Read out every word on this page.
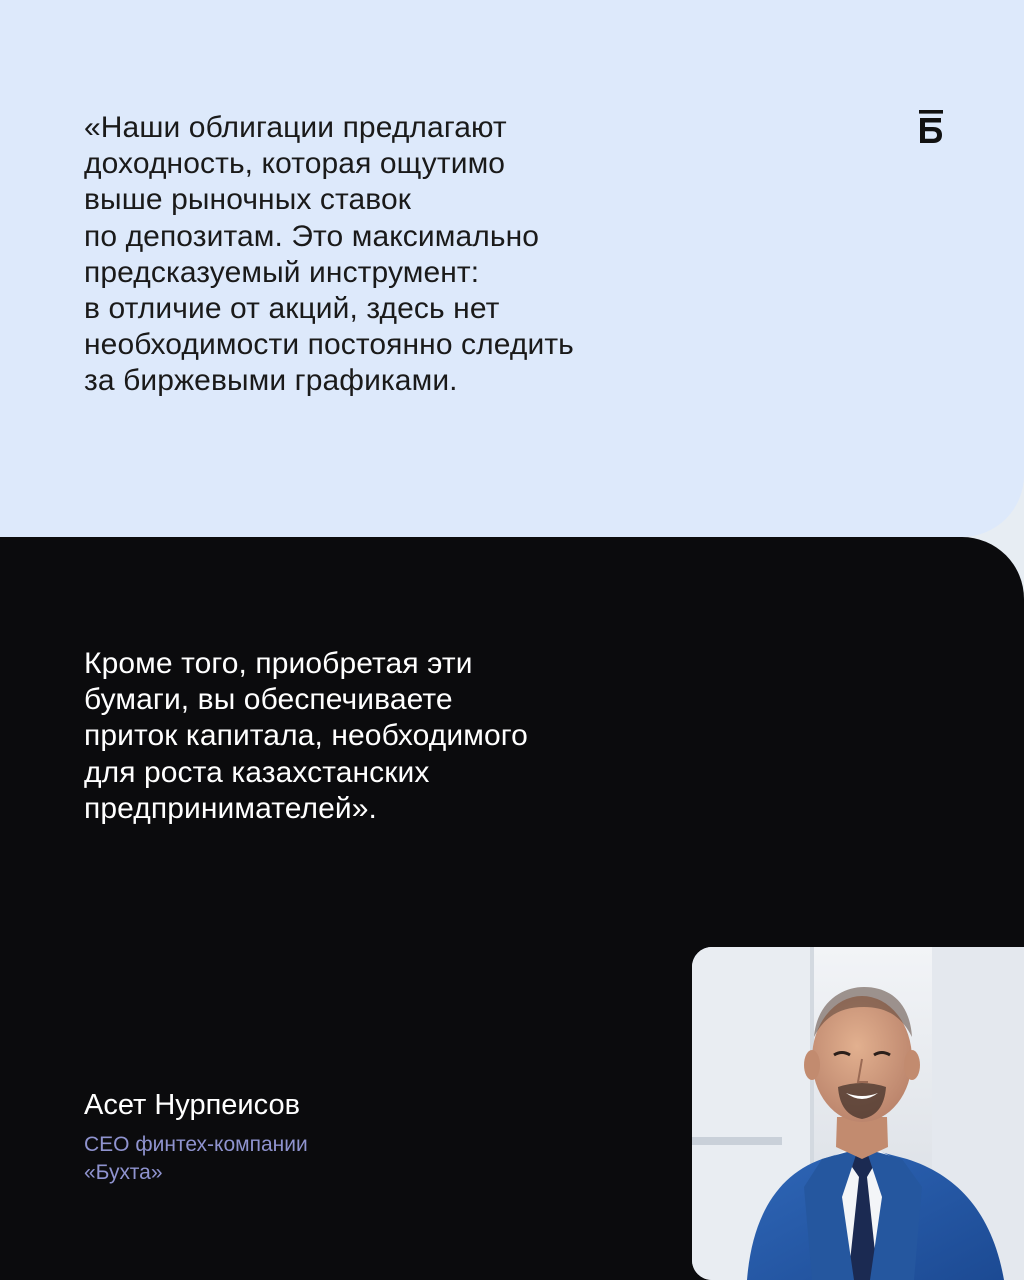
«Наши облигации предлагают
доходность, которая ощутимо
выше рыночных ставок
по депозитам. Это максимально
предсказуемый инструмент:
в отличие от акций, здесь нет
необходимости постоянно следить
за биржевыми графиками.

Кроме того, приобретая эти
бумаги, вы обеспечиваете
приток капитала, необходимого
для роста казахстанских
предпринимателей».

Асет Нурпеисов

CEO финтех-компании
«Бухта»
